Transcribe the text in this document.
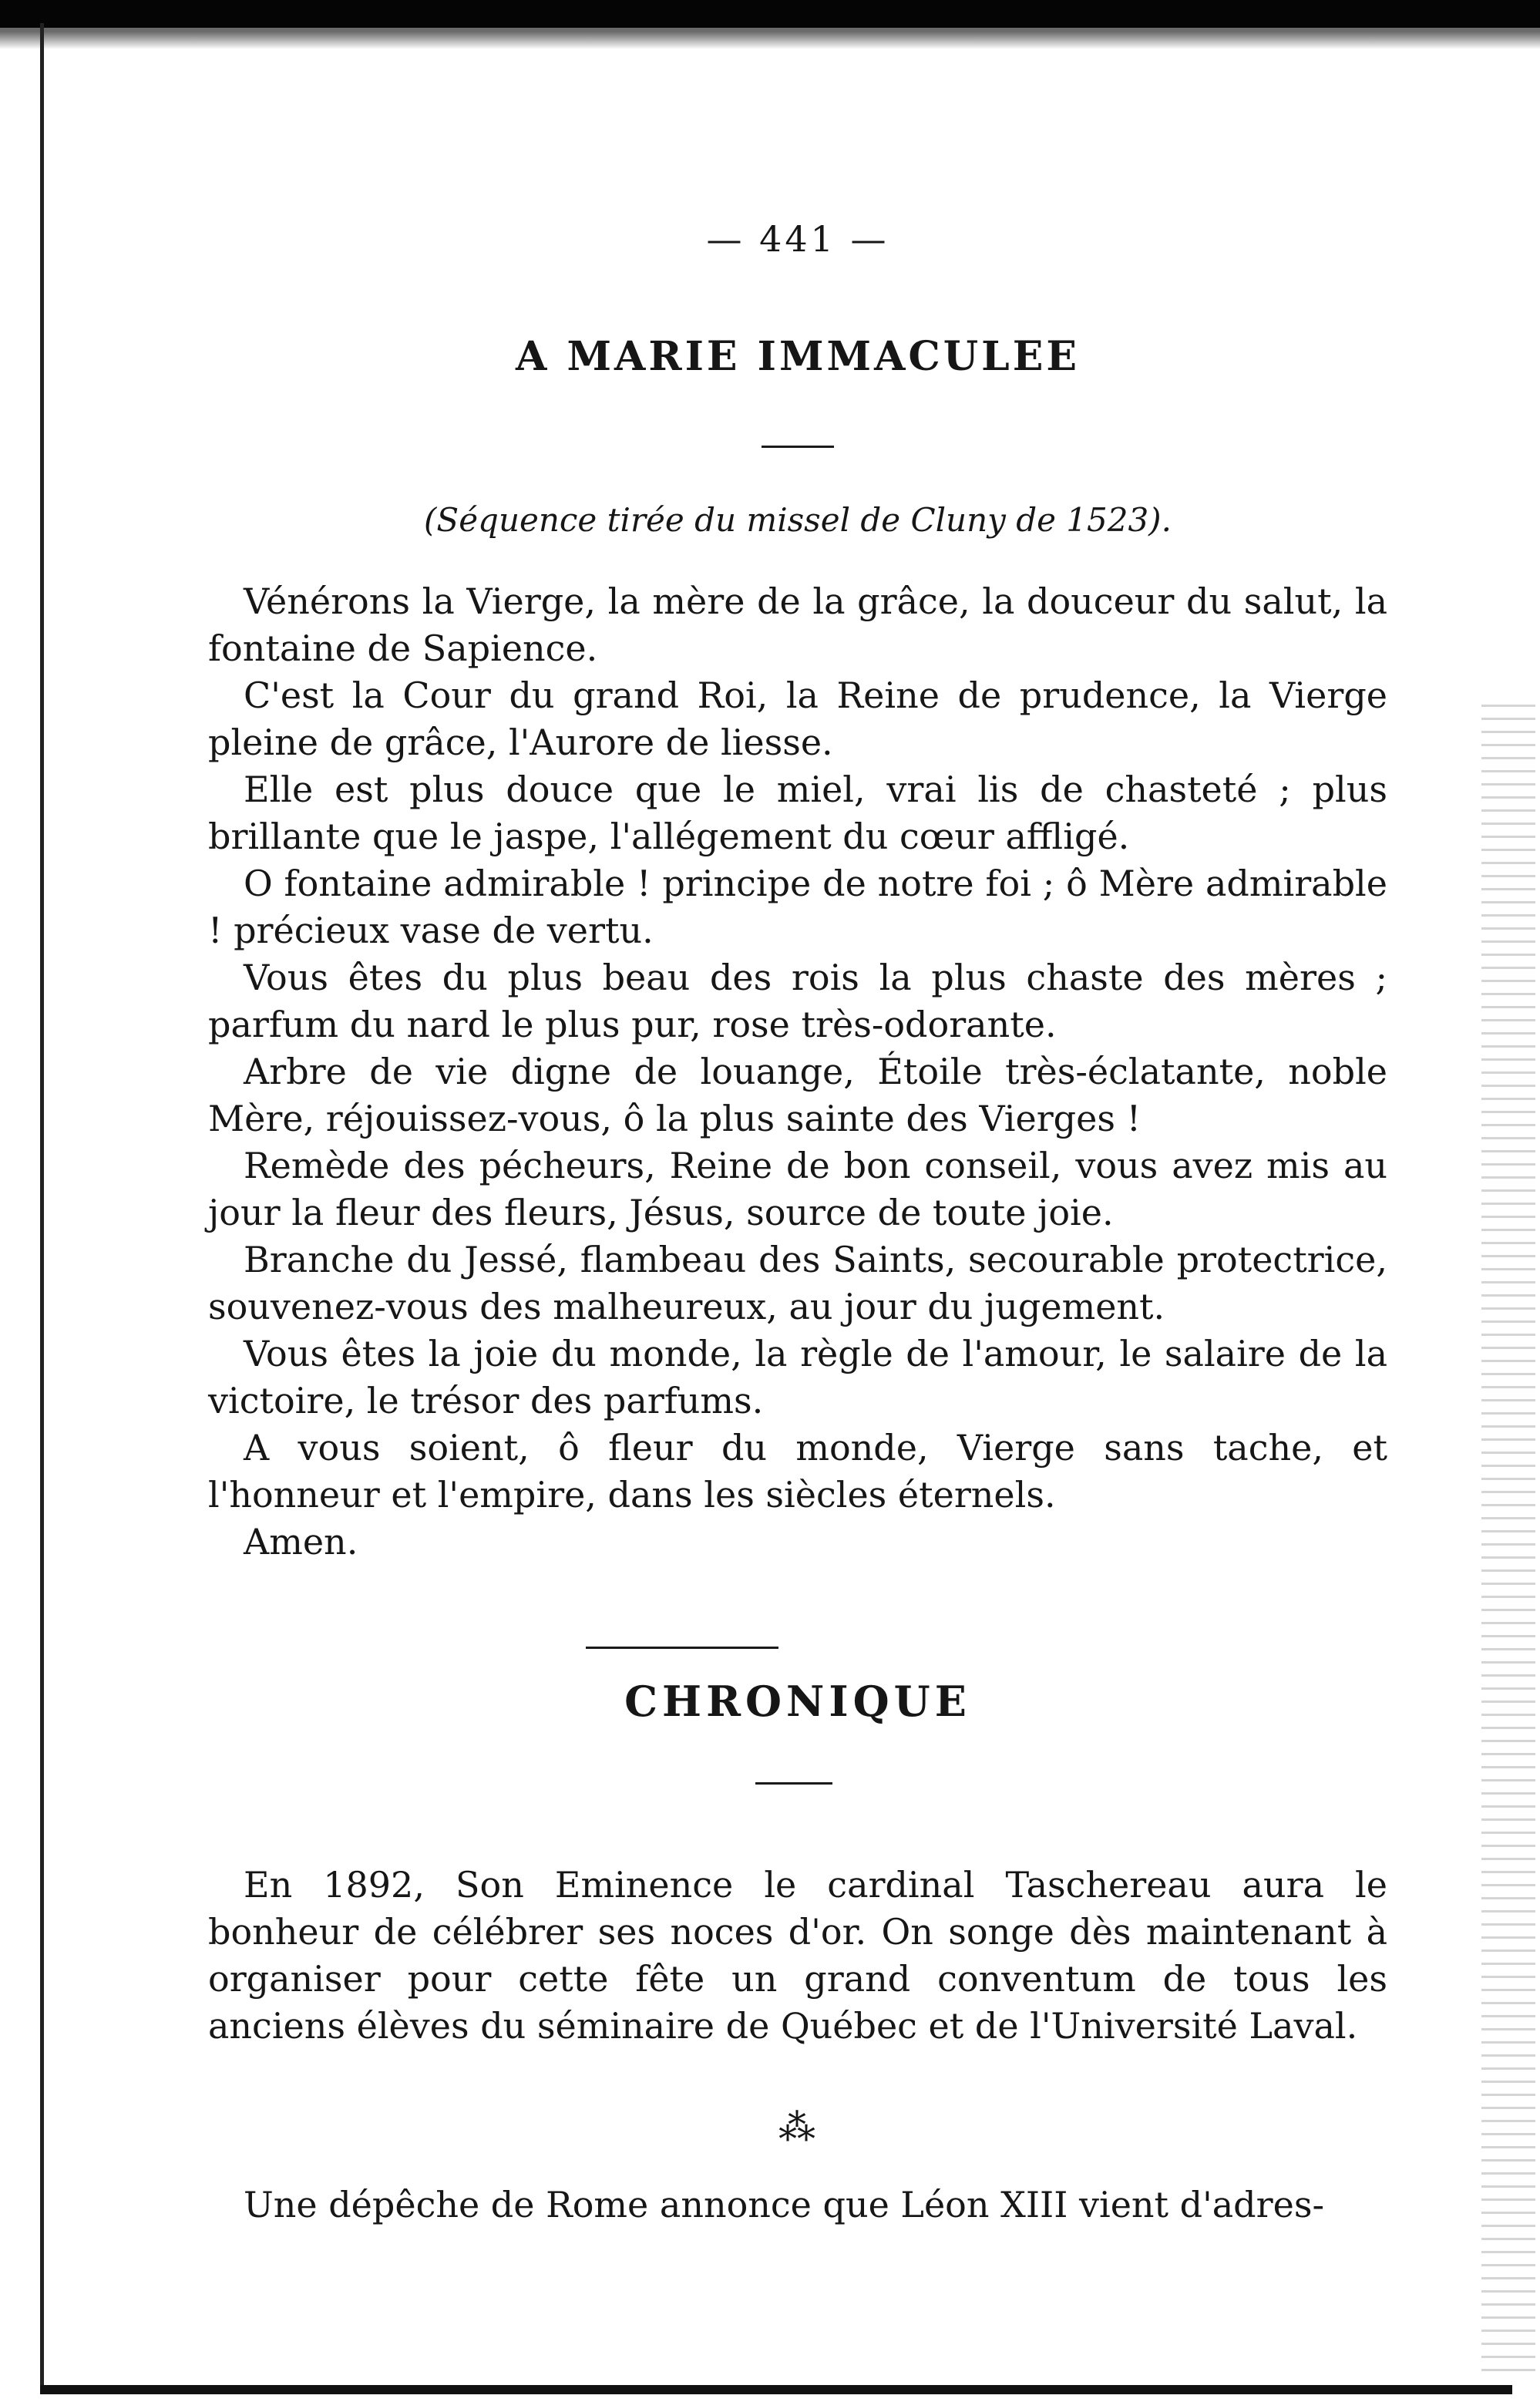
— 441 —
A MARIE IMMACULEE
(Séquence tirée du missel de Cluny de 1523).

Vénérons la Vierge, la mère de la grâce, la douceur du salut, la fontaine de Sapience.

C'est la Cour du grand Roi, la Reine de prudence, la Vierge pleine de grâce, l'Aurore de liesse.

Elle est plus douce que le miel, vrai lis de chasteté ; plus brillante que le jaspe, l'allégement du cœur affligé.

O fontaine admirable ! principe de notre foi ; ô Mère admirable ! précieux vase de vertu.

Vous êtes du plus beau des rois la plus chaste des mères ; parfum du nard le plus pur, rose très-odorante.

Arbre de vie digne de louange, Étoile très-éclatante, noble Mère, réjouissez-vous, ô la plus sainte des Vierges !

Remède des pécheurs, Reine de bon conseil, vous avez mis au jour la fleur des fleurs, Jésus, source de toute joie.

Branche du Jessé, flambeau des Saints, secourable protectrice, souvenez-vous des malheureux, au jour du jugement.

Vous êtes la joie du monde, la règle de l'amour, le salaire de la victoire, le trésor des parfums.

A vous soient, ô fleur du monde, Vierge sans tache, et l'honneur et l'empire, dans les siècles éternels.

Amen.

CHRONIQUE

En 1892, Son Eminence le cardinal Taschereau aura le bonheur de célébrer ses noces d'or. On songe dès maintenant à organiser pour cette fête un grand conventum de tous les anciens élèves du séminaire de Québec et de l'Université Laval.

⁂
Une dépêche de Rome annonce que Léon XIII vient d'adres-
